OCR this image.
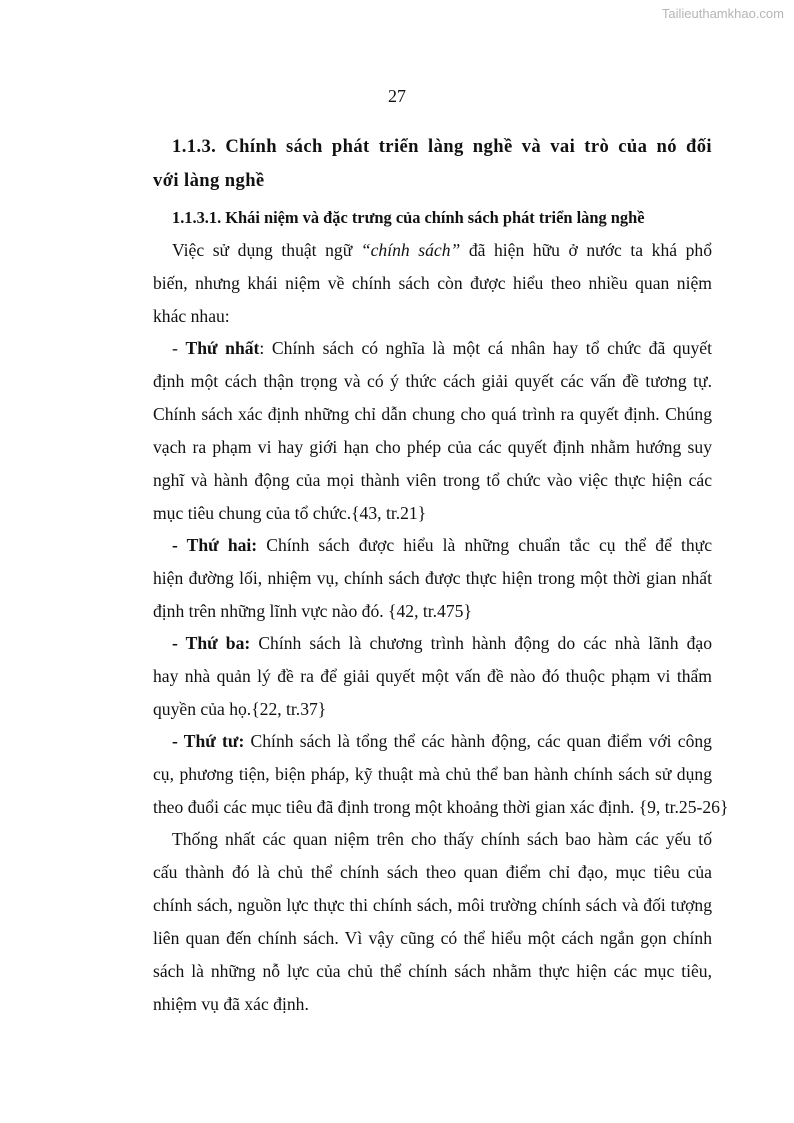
Tailieuthamkhao.com
27
1.1.3. Chính sách phát triển làng nghề và vai trò của nó đối
với làng nghề
1.1.3.1. Khái niệm và đặc trưng của chính sách phát triển làng nghề
Việc sử dụng thuật ngữ “chính sách” đã hiện hữu ở nước ta khá phổ
biến, nhưng khái niệm về chính sách còn được hiểu theo nhiều quan niệm
khác nhau:
- Thứ nhất: Chính sách có nghĩa là một cá nhân hay tổ chức đã quyết
định một cách thận trọng và có ý thức cách giải quyết các vấn đề tương tự.
Chính sách xác định những chỉ dẫn chung cho quá trình ra quyết định. Chúng
vạch ra phạm vi hay giới hạn cho phép của các quyết định nhằm hướng suy
nghĩ và hành động của mọi thành viên trong tổ chức vào việc thực hiện các
mục tiêu chung của tổ chức.{43, tr.21}
- Thứ hai: Chính sách được hiểu là những chuẩn tắc cụ thể để thực
hiện đường lối, nhiệm vụ, chính sách được thực hiện trong một thời gian nhất
định trên những lĩnh vực nào đó. {42, tr.475}
- Thứ ba: Chính sách là chương trình hành động do các nhà lãnh đạo
hay nhà quản lý đề ra để giải quyết một vấn đề nào đó thuộc phạm vi thẩm
quyền của họ.{22, tr.37}
- Thứ tư: Chính sách là tổng thể các hành động, các quan điểm với công
cụ, phương tiện, biện pháp, kỹ thuật mà chủ thể ban hành chính sách sử dụng
theo đuổi các mục tiêu đã định trong một khoảng thời gian xác định. {9, tr.25-26}
Thống nhất các quan niệm trên cho thấy chính sách bao hàm các yếu tố
cấu thành đó là chủ thể chính sách theo quan điểm chỉ đạo, mục tiêu của
chính sách, nguồn lực thực thi chính sách, môi trường chính sách và đối tượng
liên quan đến chính sách. Vì vậy cũng có thể hiểu một cách ngắn gọn chính
sách là những nỗ lực của chủ thể chính sách nhằm thực hiện các mục tiêu,
nhiệm vụ đã xác định.
